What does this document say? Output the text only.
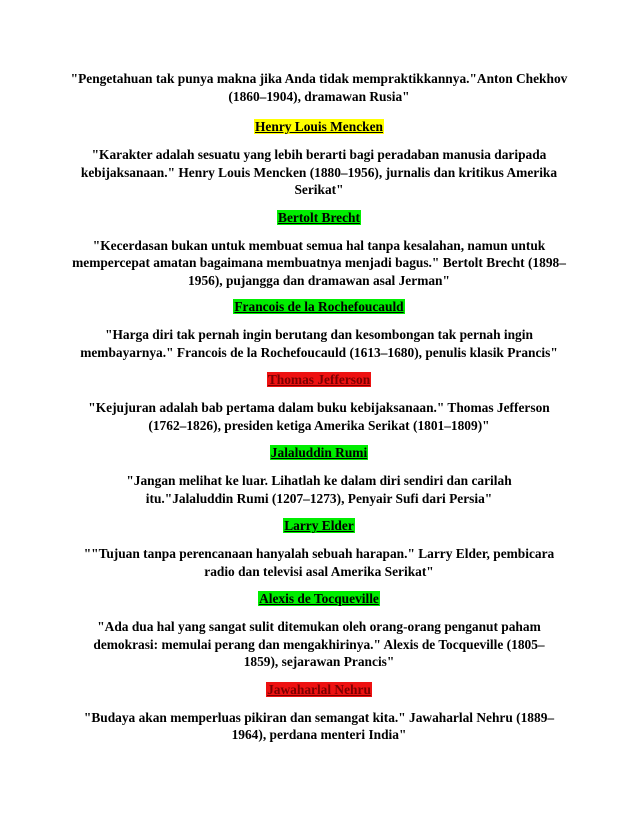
"Pengetahuan tak punya makna jika Anda tidak mempraktikkannya."Anton Chekhov (1860–1904), dramawan Rusia"

Henry Louis Mencken

"Karakter adalah sesuatu yang lebih berarti bagi peradaban manusia daripada kebijaksanaan." Henry Louis Mencken (1880–1956), jurnalis dan kritikus Amerika Serikat"

Bertolt Brecht

"Kecerdasan bukan untuk membuat semua hal tanpa kesalahan, namun untuk mempercepat amatan bagaimana membuatnya menjadi bagus." Bertolt Brecht (1898–1956), pujangga dan dramawan asal Jerman"

Francois de la Rochefoucauld

"Harga diri tak pernah ingin berutang dan kesombongan tak pernah ingin membayarnya." Francois de la Rochefoucauld (1613–1680), penulis klasik Prancis"

Thomas Jefferson

"Kejujuran adalah bab pertama dalam buku kebijaksanaan." Thomas Jefferson (1762–1826), presiden ketiga Amerika Serikat (1801–1809)"

Jalaluddin Rumi

"Jangan melihat ke luar. Lihatlah ke dalam diri sendiri dan carilah itu."Jalaluddin Rumi (1207–1273), Penyair Sufi dari Persia"

Larry Elder

""Tujuan tanpa perencanaan hanyalah sebuah harapan." Larry Elder, pembicara radio dan televisi asal Amerika Serikat"

Alexis de Tocqueville

"Ada dua hal yang sangat sulit ditemukan oleh orang-orang penganut paham demokrasi: memulai perang dan mengakhirinya." Alexis de Tocqueville (1805–1859), sejarawan Prancis"

Jawaharlal Nehru

"Budaya akan memperluas pikiran dan semangat kita." Jawaharlal Nehru (1889–1964), perdana menteri India"
